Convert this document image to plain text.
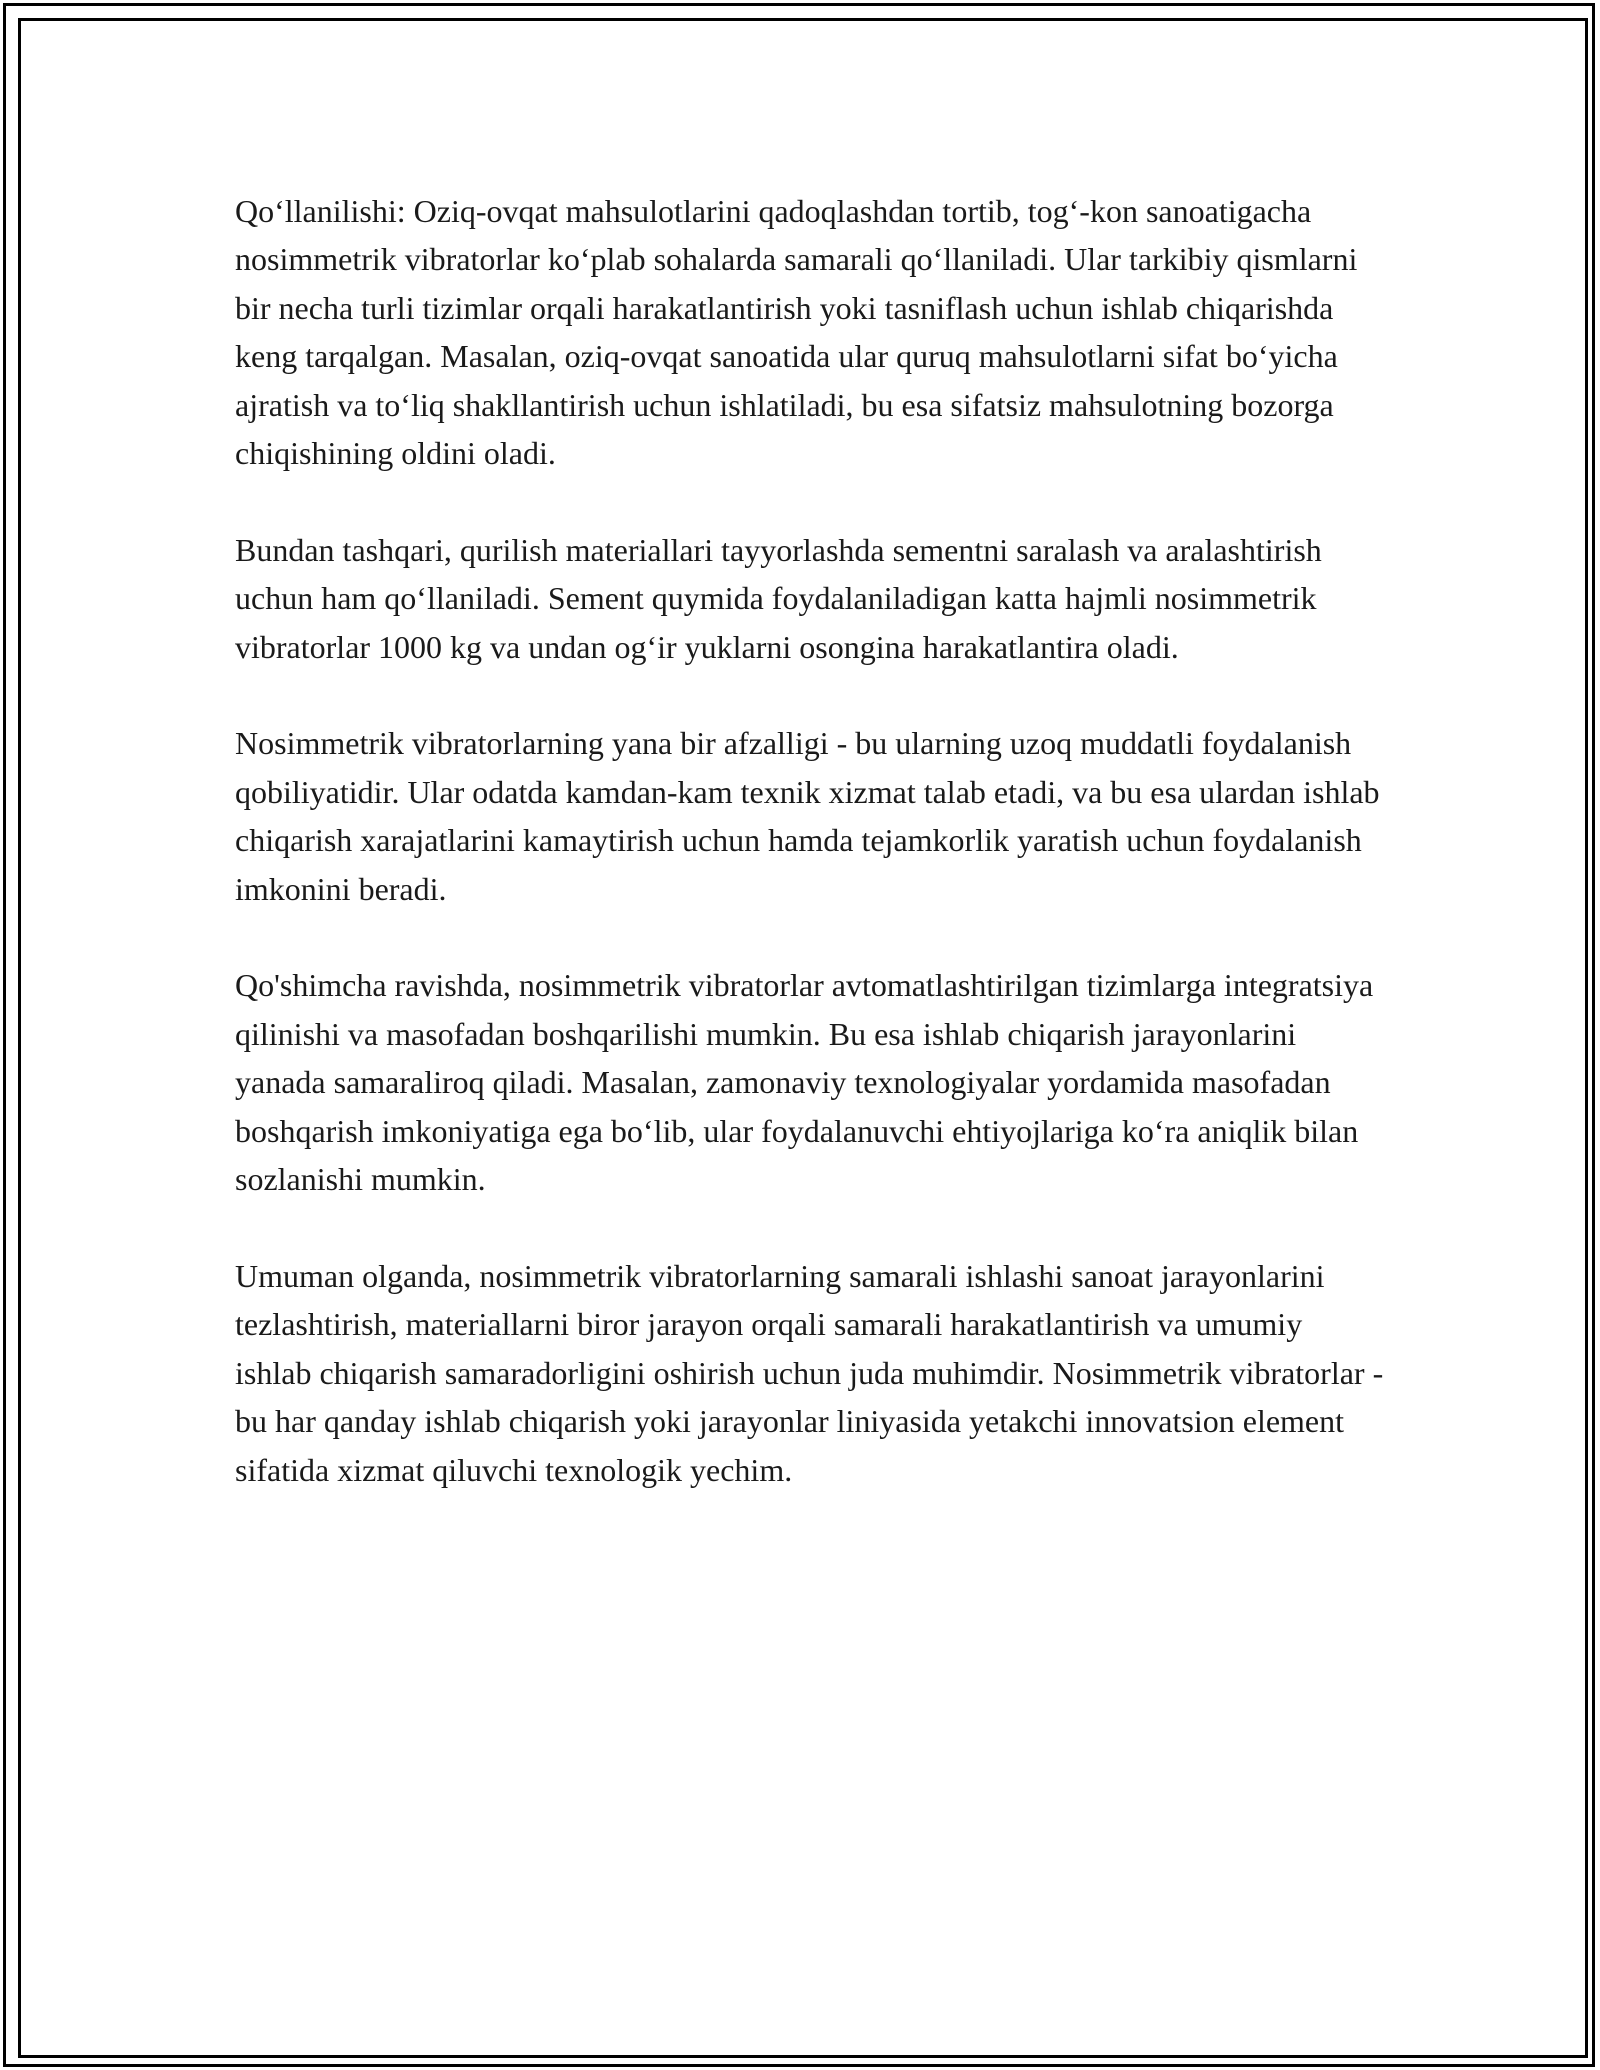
Qo‘llanilishi: Oziq-ovqat mahsulotlarini qadoqlashdan tortib, tog‘-kon sanoatigacha nosimmetrik vibratorlar ko‘plab sohalarda samarali qo‘llaniladi. Ular tarkibiy qismlarni bir necha turli tizimlar orqali harakatlantirish yoki tasniflash uchun ishlab chiqarishda keng tarqalgan. Masalan, oziq-ovqat sanoatida ular quruq mahsulotlarni sifat bo‘yicha ajratish va to‘liq shakllantirish uchun ishlatiladi, bu esa sifatsiz mahsulotning bozorga chiqishining oldini oladi.

Bundan tashqari, qurilish materiallari tayyorlashda sementni saralash va aralashtirish uchun ham qo‘llaniladi. Sement quymida foydalaniladigan katta hajmli nosimmetrik vibratorlar 1000 kg va undan og‘ir yuklarni osongina harakatlantira oladi.

Nosimmetrik vibratorlarning yana bir afzalligi - bu ularning uzoq muddatli foydalanish qobiliyatidir. Ular odatda kamdan-kam texnik xizmat talab etadi, va bu esa ulardan ishlab chiqarish xarajatlarini kamaytirish uchun hamda tejamkorlik yaratish uchun foydalanish imkonini beradi.

Qo'shimcha ravishda, nosimmetrik vibratorlar avtomatlashtirilgan tizimlarga integratsiya qilinishi va masofadan boshqarilishi mumkin. Bu esa ishlab chiqarish jarayonlarini yanada samaraliroq qiladi. Masalan, zamonaviy texnologiyalar yordamida masofadan boshqarish imkoniyatiga ega bo‘lib, ular foydalanuvchi ehtiyojlariga ko‘ra aniqlik bilan sozlanishi mumkin.

Umuman olganda, nosimmetrik vibratorlarning samarali ishlashi sanoat jarayonlarini tezlashtirish, materiallarni biror jarayon orqali samarali harakatlantirish va umumiy ishlab chiqarish samaradorligini oshirish uchun juda muhimdir. Nosimmetrik vibratorlar - bu har qanday ishlab chiqarish yoki jarayonlar liniyasida yetakchi innovatsion element sifatida xizmat qiluvchi texnologik yechim.
